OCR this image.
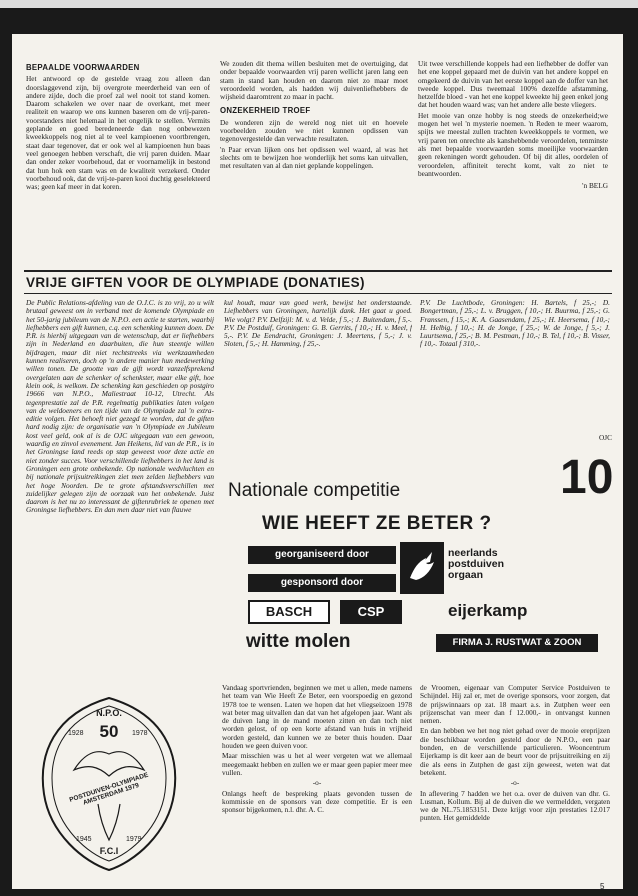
BEPAALDE VOORWAARDEN

Het antwoord op de gestelde vraag zou alleen dan doorslaggevend zijn, bij overgrote meerderheid van een of andere zijde, doch die proef zal wel nooit tot stand komen. Daarom schakelen we over naar de overkant, met meer realiteit en waarop we ons kunnen baseren om de vrij-paren-voorstanders niet helemaal in het ongelijk te stellen. Vermits geplande en goed beredeneerde dan nog onbewezen kweekkoppels nog niet al te veel kampioenen voortbrengen, staat daar tegenover, dat er ook wel al kampioenen hun baas veel genoegen hebben verschaft, die vrij paren duiden. Maar dan onder zeker voorbehoud, dat er voornamelijk in bestond dat hun hok een stam was en de kwaliteit verzekerd. Onder voorbehoud ook, dat de vrij-te-paren kooi duchtig geselekteerd was; geen kaf meer in dat koren.

We zouden dit thema willen besluiten met de overtuiging, dat onder bepaalde voorwaarden vrij paren wellicht jaren lang een stam in stand kan houden en daarom niet zo maar moet veroordeeld worden, als hadden wij duivenliefhebbers de wijsheid daaromtrent zo maar in pacht.

ONZEKERHEID TROEF

De wonderen zijn de wereld nog niet uit en hoevele voorbeelden zouden we niet kunnen opdissen van tegenovergestelde dan verwachte resultaten.

'n Paar ervan lijken ons het opdissen wel waard, al was het slechts om te bewijzen hoe wonderlijk het soms kan uitvallen, met resultaten van al dan niet geplande koppelingen.

Uit twee verschillende koppels had een liefhebber de doffer van het ene koppel gepaard met de duivin van het andere koppel en omgekeerd de duivin van het eerste koppel aan de doffer van het tweede koppel. Dus tweemaal 100% dezelfde afstamming, hetzelfde bloed - van het ene koppel kweekte hij geen enkel jong dat het houden waard was; van het andere alle beste vliegers.

Het mooie van onze hobby is nog steeds de onzekerheid;we mogen het wel 'n mysterie noemen. 'n Reden te meer waarom, spijts we meestal zullen trachten kweekkoppels te vormen, we vrij paren ten onrechte als kanshebbende veroordelen, tenminste als met bepaalde voorwaarden soms moeilijke voorwaarden geen rekeningen wordt gehouden. Of bij dit alles, oordelen of veroordelen, affiniteit terecht komt, valt zo niet te beantwoorden.

'n BELG
VRIJE GIFTEN VOOR DE OLYMPIADE (DONATIES)

De Public Relations-afdeling van de O.J.C. is zo vrij, zo u wilt brutaal geweest om in verband met de komende Olympiade en het 50-jarig jubileum van de N.P.O. een actie te starten, waarbij liefhebbers een gift kunnen, c.q. een schenking kunnen doen. De P.R. is hierbij uitgegaan van de wetenschap, dat er liefhebbers zijn in Nederland en daarbuiten, die hun steentje willen bijdragen, maar dit niet rechtstreeks via werkzaamheden kunnen realiseren, doch op 'n andere manier hun medewerking willen tonen. De grootte van de gift wordt vanzelfsprekend overgelaten aan de schenker of schenkster, maar elke gift, hoe klein ook, is welkom. De schenking kan geschieden op postgiro 19666 van N.P.O., Maliestraat 10-12, Utrecht. Als tegenprestatie zal de P.R. regelmatig publikaties laten volgen van de weldoeners en ten tijde van de Olympiade zal 'n extra-editie volgen. Het behoeft niet gezegd te worden, dat de giften hard nodig zijn: de organisatie van 'n Olympiade en Jubileum kost veel geld, ook al is de OJC uitgegaan van een gewoon, waardig en zinvol evenement. Jan Heikens, lid van de P.R., is in het Groningse land reeds op stap geweest voor deze actie en niet zonder succes. Voor verschillende liefhebbers in het land is Groningen een grote onbekende. Op nationale wedvluchten en bij nationale prijsuitreikingen ziet men zelden liefhebbers van het hoge Noorden. De te grote afstandsverschillen met zuidelijker gelegen zijn de oorzaak van het onbekende. Juist daarom is het nu zo interessant de giftenrubriek te openen met Groningse liefhebbers. En dan men daar niet van flauwe

kul houdt, maar van goed werk, bewijst het onderstaande. Liefhebbers van Groningen, hartelijk dank. Het gaat u goed. Wie volgt? P.V. Delfzijl: M. v. d. Velde, f 5,-; J. Buitendam, f 5,-. P.V. De Postduif, Groningen: G. B. Gerrits, f 10,-; H. v. Meel, f 5,-. P.V. De Eendracht, Groningen: J. Meertens, f 5,-; J. v. Sloten, f 5,-; H. Hamming, f 25,-.

P.V. De Luchtbode, Groningen: H. Bartels, f 25,-; D. Bongertman, f 25,-; L. v. Bruggen, f 10,-; H. Buurma, f 25,-; G. Franssen, f 15,-; K. A. Gaasendam, f 25,-; H. Heersema, f 10,-; H. Helbig, f 10,-; H. de Jonge, f 25,-; W. de Jonge, f 5,-; J. Luurtsema, f 25,-; B. M. Pestman, f 10,-; B. Tel, f 10,-; B. Visser, f 10,-. Totaal f 310,-.

OJC
Nationale competitie	10
WIE HEEFT ZE BETER ?
georganiseerd door
gesponsord door
neerlands postduiven orgaan
BASCH	CSP	eijerkamp
witte molen	FIRMA J. RUSTWAT & ZOON
N.P.O.
50
1928	1978
POSTDUIVEN-OLYMPIADE AMSTERDAM 1979
1945	1979
F.C.I

Vandaag sportvrienden, beginnen we met u allen, mede namens het team van Wie Heeft Ze Beter, een voorspoedig en gezond 1978 toe te wensen. Laten we hopen dat het vliegseizoen 1978 wat beter mag uitvallen dan dat van het afgelopen jaar. Want als de duiven lang in de mand moeten zitten en dan toch niet worden gelost, of op een korte afstand van huis in vrijheid worden gesteld, dan kunnen we ze beter thuis houden. Daar houden we geen duiven voor.

Maar misschien was u het al weer vergeten wat we allemaal meegemaakt hebben en zullen we er maar geen papier meer mee vullen.

-o-

Onlangs heeft de bespreking plaats gevonden tussen de kommissie en de sponsors van deze competitie. Er is een sponsor bijgekomen, n.l. dhr. A. C.

de Vroomen, eigenaar van Computer Service Postduiven te Schijndel. Hij zal er, met de overige sponsors, voor zorgen, dat de prijswinnaars op zat. 18 maart a.s. in Zutphen weer een prijzenschat van meer dan f 12.000,- in ontvangst kunnen nemen.

En dan hebben we het nog niet gehad over de mooie ereprijzen die beschikbaar worden gesteld door de N.P.O., een paar bonden, en de verschillende particulieren. Wooncentrum Eijerkamp is dit keer aan de beurt voor de prijsuitreiking en zij die als eens in Zutphen de gast zijn geweest, weten wat dat betekent.

-o-

In aflevering 7 hadden we het o.a. over de duiven van dhr. G. Lusman, Kollum. Bij al de duiven die we vermeldden, vergaten we de NL.75.1853151. Deze krijgt voor zijn prestaties 12.017 punten. Het gemiddelde

5
